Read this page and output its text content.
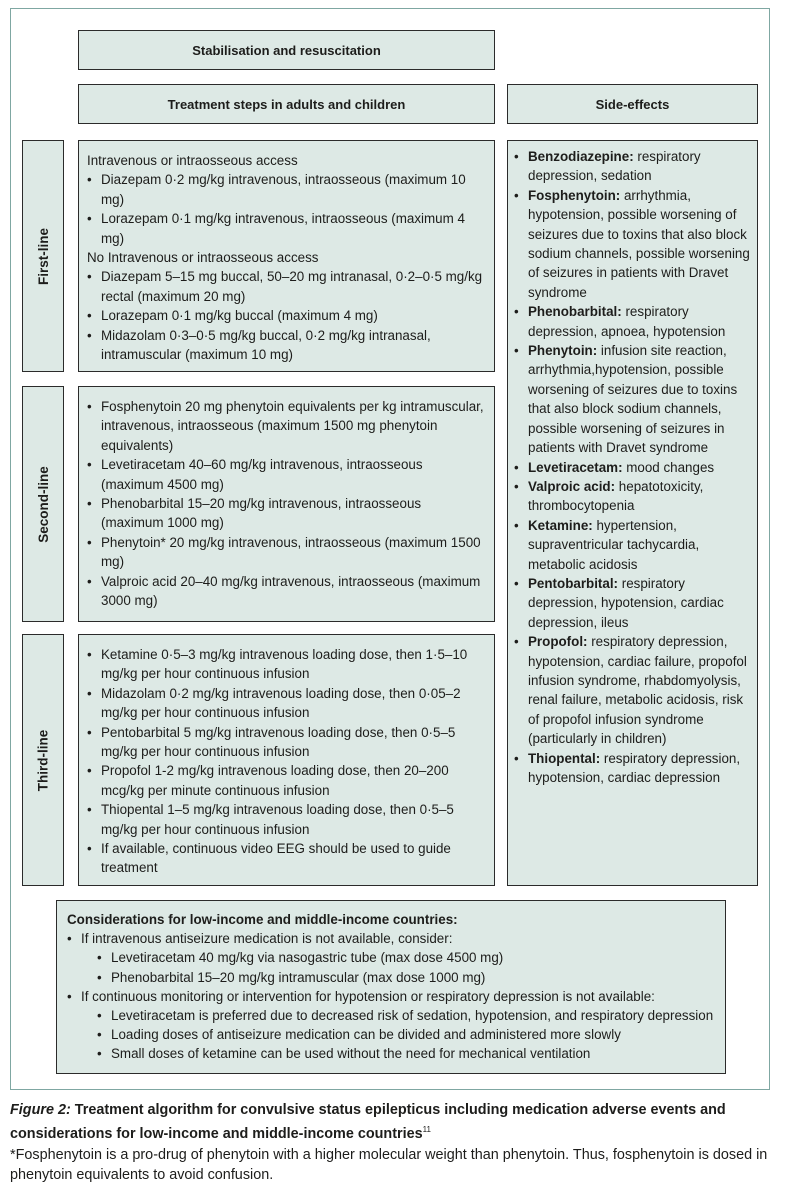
Stabilisation and resuscitation
Treatment steps in adults and children	Side-effects
First-line
Intravenous or intraosseous access
• Diazepam 0·2 mg/kg intravenous, intraosseous (maximum 10 mg)
• Lorazepam 0·1 mg/kg intravenous, intraosseous (maximum 4 mg)
No Intravenous or intraosseous access
• Diazepam 5–15 mg buccal, 50–20 mg intranasal, 0·2–0·5 mg/kg rectal (maximum 20 mg)
• Lorazepam 0·1 mg/kg buccal (maximum 4 mg)
• Midazolam 0·3–0·5 mg/kg buccal, 0·2 mg/kg intranasal, intramuscular (maximum 10 mg)
Second-line
• Fosphenytoin 20 mg phenytoin equivalents per kg intramuscular, intravenous, intraosseous (maximum 1500 mg phenytoin equivalents)
• Levetiracetam 40–60 mg/kg intravenous, intraosseous (maximum 4500 mg)
• Phenobarbital 15–20 mg/kg intravenous, intraosseous (maximum 1000 mg)
• Phenytoin* 20 mg/kg intravenous, intraosseous (maximum 1500 mg)
• Valproic acid 20–40 mg/kg intravenous, intraosseous (maximum 3000 mg)
Third-line
• Ketamine 0·5–3 mg/kg intravenous loading dose, then 1·5–10 mg/kg per hour continuous infusion
• Midazolam 0·2 mg/kg intravenous loading dose, then 0·05–2 mg/kg per hour continuous infusion
• Pentobarbital 5 mg/kg intravenous loading dose, then 0·5–5 mg/kg per hour continuous infusion
• Propofol 1-2 mg/kg intravenous loading dose, then 20–200 mcg/kg per minute continuous infusion
• Thiopental 1–5 mg/kg intravenous loading dose, then 0·5–5 mg/kg per hour continuous infusion
• If available, continuous video EEG should be used to guide treatment
• Benzodiazepine: respiratory depression, sedation
• Fosphenytoin: arrhythmia, hypotension, possible worsening of seizures due to toxins that also block sodium channels, possible worsening of seizures in patients with Dravet syndrome
• Phenobarbital: respiratory depression, apnoea, hypotension
• Phenytoin: infusion site reaction, arrhythmia,hypotension, possible worsening of seizures due to toxins that also block sodium channels, possible worsening of seizures in patients with Dravet syndrome
• Levetiracetam: mood changes
• Valproic acid: hepatotoxicity, thrombocytopenia
• Ketamine: hypertension, supraventricular tachycardia, metabolic acidosis
• Pentobarbital: respiratory depression, hypotension, cardiac depression, ileus
• Propofol: respiratory depression, hypotension, cardiac failure, propofol infusion syndrome, rhabdomyolysis, renal failure, metabolic acidosis, risk of propofol infusion syndrome (particularly in children)
• Thiopental: respiratory depression, hypotension, cardiac depression
Considerations for low-income and middle-income countries:
• If intravenous antiseizure medication is not available, consider:
• Levetiracetam 40 mg/kg via nasogastric tube (max dose 4500 mg)
• Phenobarbital 15–20 mg/kg intramuscular (max dose 1000 mg)
• If continuous monitoring or intervention for hypotension or respiratory depression is not available:
• Levetiracetam is preferred due to decreased risk of sedation, hypotension, and respiratory depression
• Loading doses of antiseizure medication can be divided and administered more slowly
• Small doses of ketamine can be used without the need for mechanical ventilation
Figure 2: Treatment algorithm for convulsive status epilepticus including medication adverse events and considerations for low-income and middle-income countries$^{11}$
*Fosphenytoin is a pro-drug of phenytoin with a higher molecular weight than phenytoin. Thus, fosphenytoin is dosed in phenytoin equivalents to avoid confusion.
